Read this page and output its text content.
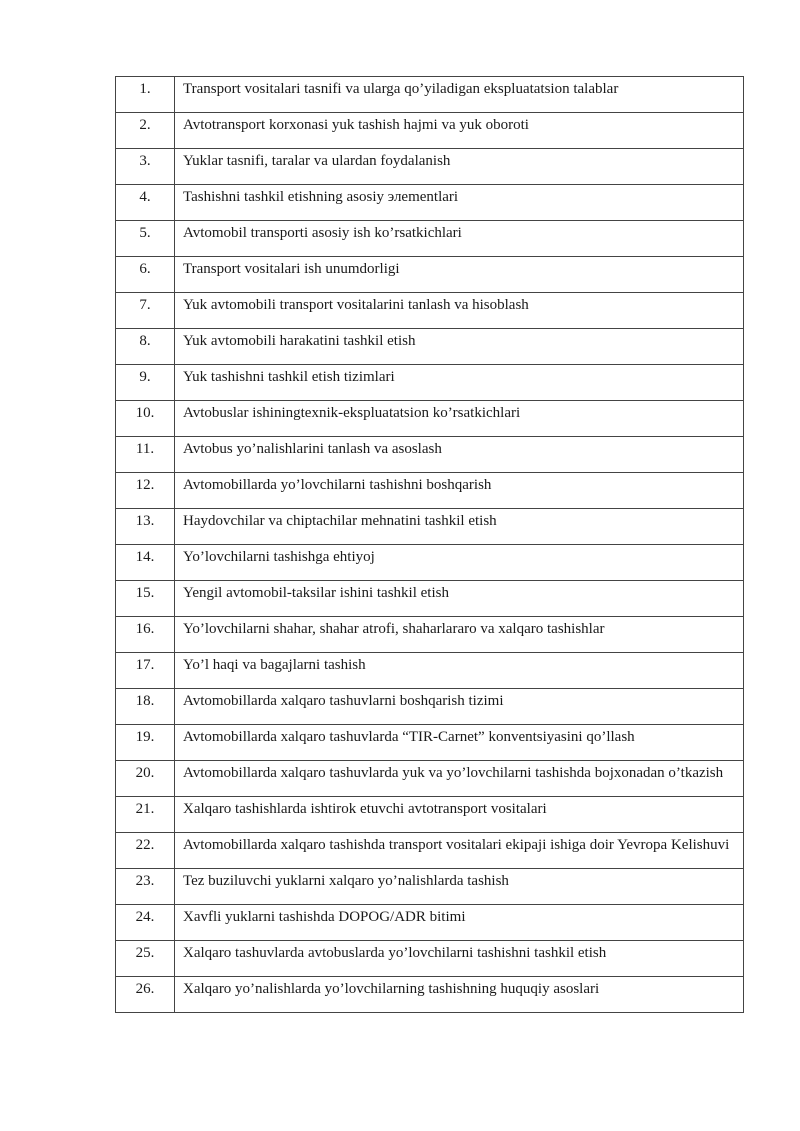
1.	Transport vositalari tasnifi va ularga qo’yiladigan ekspluatatsion talablar
2.	Avtotransport korxonasi yuk tashish hajmi va yuk oboroti
3.	Yuklar tasnifi, taralar va ulardan foydalanish
4.	Tashishni tashkil etishning asosiy элementlari
5.	Avtomobil transporti asosiy ish ko’rsatkichlari
6.	Transport vositalari ish unumdorligi
7.	Yuk avtomobili transport vositalarini tanlash va hisoblash
8.	Yuk avtomobili harakatini tashkil etish
9.	Yuk tashishni tashkil etish tizimlari
10.	Avtobuslar ishiningtexnik-ekspluatatsion ko’rsatkichlari
11.	Avtobus yo’nalishlarini tanlash va asoslash
12.	Avtomobillarda yo’lovchilarni tashishni boshqarish
13.	Haydovchilar va chiptachilar mehnatini tashkil etish
14.	Yo’lovchilarni tashishga ehtiyoj
15.	Yengil avtomobil-taksilar ishini tashkil etish
16.	Yo’lovchilarni shahar, shahar atrofi, shaharlararo va xalqaro tashishlar
17.	Yo’l haqi va bagajlarni tashish
18.	Avtomobillarda xalqaro tashuvlarni boshqarish tizimi
19.	Avtomobillarda xalqaro tashuvlarda “TIR-Carnet” konventsiyasini qo’llash
20.	Avtomobillarda xalqaro tashuvlarda yuk va yo’lovchilarni tashishda bojxonadan o’tkazish
21.	Xalqaro tashishlarda ishtirok etuvchi avtotransport vositalari
22.	Avtomobillarda xalqaro tashishda transport vositalari ekipaji ishiga doir Yevropa Kelishuvi
23.	Tez buziluvchi yuklarni xalqaro yo’nalishlarda tashish
24.	Xavfli yuklarni tashishda DOPOG/ADR bitimi
25.	Xalqaro tashuvlarda avtobuslarda yo’lovchilarni tashishni tashkil etish
26.	Xalqaro yo’nalishlarda yo’lovchilarning tashishning huquqiy asoslari
